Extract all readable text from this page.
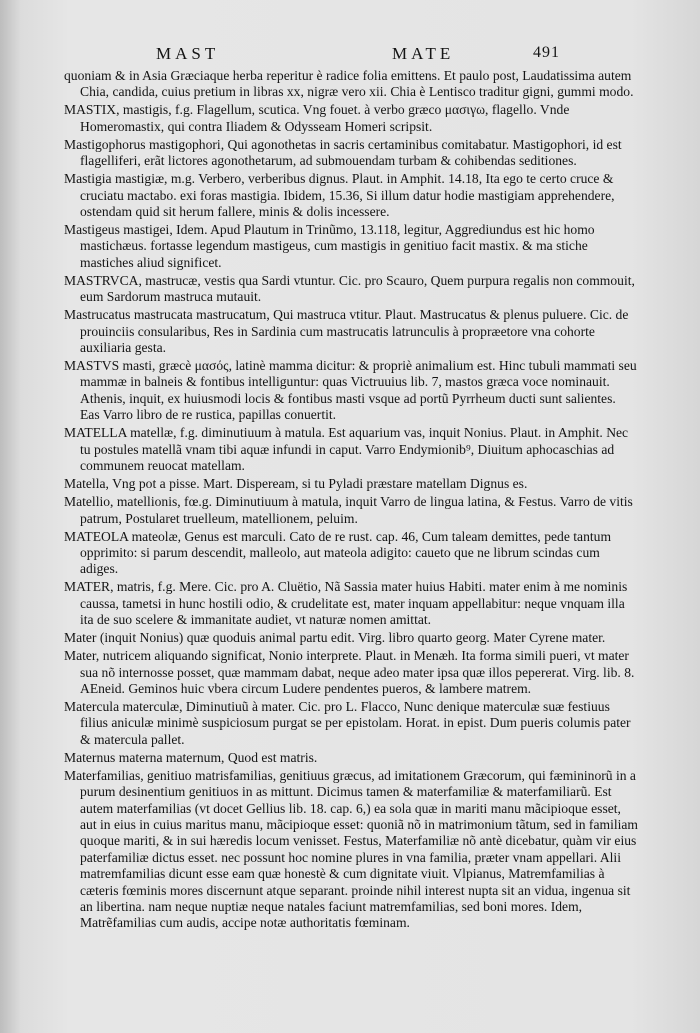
MAST	MATE	491

quoniam & in Asia Græciaque herba reperitur è radice folia emittens. Et paulo post, Laudatissima autem Chia, candida, cuius pretium in libras xx, nigræ vero xii. Chia è Lentisco traditur gigni, gummi modo.

MASTIX, mastigis, f.g. Flagellum, scutica. Vng fouet. à verbo græco μασιγω, flagello. Vnde Homeromastix, qui contra Iliadem & Odysseam Homeri scripsit.

Mastigophorus mastigophori, Qui agonothetas in sacris certaminibus comitabatur. Mastigophori, id est flagelliferi, erãt lictores agonothetarum, ad submouendam turbam & cohibendas seditiones.

Mastigia mastigiæ, m.g. Verbero, verberibus dignus. Plaut. in Amphit. 14.18, Ita ego te certo cruce & cruciatu mactabo. exi foras mastigia. Ibidem, 15.36, Si illum datur hodie mastigiam apprehendere, ostendam quid sit herum fallere, minis & dolis incessere.

Mastigeus mastigei, Idem. Apud Plautum in Trinũmo, 13.118, legitur, Aggrediundus est hic homo mastichæus. fortasse legendum mastigeus, cum mastigis in genitiuo facit mastix. & ma stiche mastiches aliud significet.

MASTRVCA, mastrucæ, vestis qua Sardi vtuntur. Cic. pro Scauro, Quem purpura regalis non commouit, eum Sardorum mastruca mutauit.

Mastrucatus mastrucata mastrucatum, Qui mastruca vtitur. Plaut. Mastrucatus & plenus puluere. Cic. de prouinciis consularibus, Res in Sardinia cum mastrucatis latrunculis à propræetore vna cohorte auxiliaria gesta.

MASTVS masti, græcè μασός, latinè mamma dicitur: & propriè animalium est. Hinc tubuli mammati seu mammæ in balneis & fontibus intelliguntur: quas Victruuius lib. 7, mastos græca voce nominauit. Athenis, inquit, ex huiusmodi locis & fontibus masti vsque ad portũ Pyrrheum ducti sunt salientes. Eas Varro libro de re rustica, papillas conuertit.

MATELLA matellæ, f.g. diminutiuum à matula. Est aquarium vas, inquit Nonius. Plaut. in Amphit. Nec tu postules matellã vnam tibi aquæ infundi in caput. Varro Endymionib⁹, Diuitum aphocaschias ad communem reuocat matellam.

Matella, Vng pot a pisse. Mart. Dispeream, si tu Pyladi præstare matellam Dignus es.

Matellio, matellionis, fœ.g. Diminutiuum à matula, inquit Varro de lingua latina, & Festus. Varro de vitis patrum, Postularet truelleum, matellionem, peluim.

MATEOLA mateolæ, Genus est marculi. Cato de re rust. cap. 46, Cum taleam demittes, pede tantum opprimito: si parum descendit, malleolo, aut mateola adigito: caueto que ne librum scindas cum adiges.

MATER, matris, f.g. Mere. Cic. pro A. Cluëtio, Nã Sassia mater huius Habiti. mater enim à me nominis caussa, tametsi in hunc hostili odio, & crudelitate est, mater inquam appellabitur: neque vnquam illa ita de suo scelere & immanitate audiet, vt naturæ nomen amittat.

Mater (inquit Nonius) quæ quoduis animal partu edit. Virg. libro quarto georg. Mater Cyrene mater.

Mater, nutricem aliquando significat, Nonio interprete. Plaut. in Menæh. Ita forma simili pueri, vt mater sua nõ internosse posset, quæ mammam dabat, neque adeo mater ipsa quæ illos pepererat. Virg. lib. 8. AEneid. Geminos huic vbera circum Ludere pendentes pueros, & lambere matrem.

Matercula materculæ, Diminutiuũ à mater. Cic. pro L. Flacco, Nunc denique materculæ suæ festiuus filius aniculæ minimè suspiciosum purgat se per epistolam. Horat. in epist. Dum pueris columis pater & matercula pallet.

Maternus materna maternum, Quod est matris.

Materfamilias, genitiuo matrisfamilias, genitiuus græcus, ad imitationem Græcorum, qui fæmininorũ in a purum desinentium genitiuos in as mittunt. Dicimus tamen & materfamiliæ & materfamiliarũ. Est autem materfamilias (vt docet Gellius lib. 18. cap. 6,) ea sola quæ in mariti manu mãcipioque esset, aut in eius in cuius maritus manu, mãcipioque esset: quoniã nõ in matrimonium tãtum, sed in familiam quoque mariti, & in sui hæredis locum venisset. Festus, Materfamiliæ nõ antè dicebatur, quàm vir eius paterfamiliæ dictus esset. nec possunt hoc nomine plures in vna familia, præter vnam appellari. Alii matremfamilias dicunt esse eam quæ honestè & cum dignitate viuit. Vlpianus, Matremfamilias à cæteris fœminis mores discernunt atque separant. proinde nihil interest nupta sit an vidua, ingenua sit an libertina. nam neque nuptiæ neque natales faciunt matremfamilias, sed boni mores. Idem, Matrẽfamilias cum audis, accipe notæ authoritatis fœminam.
